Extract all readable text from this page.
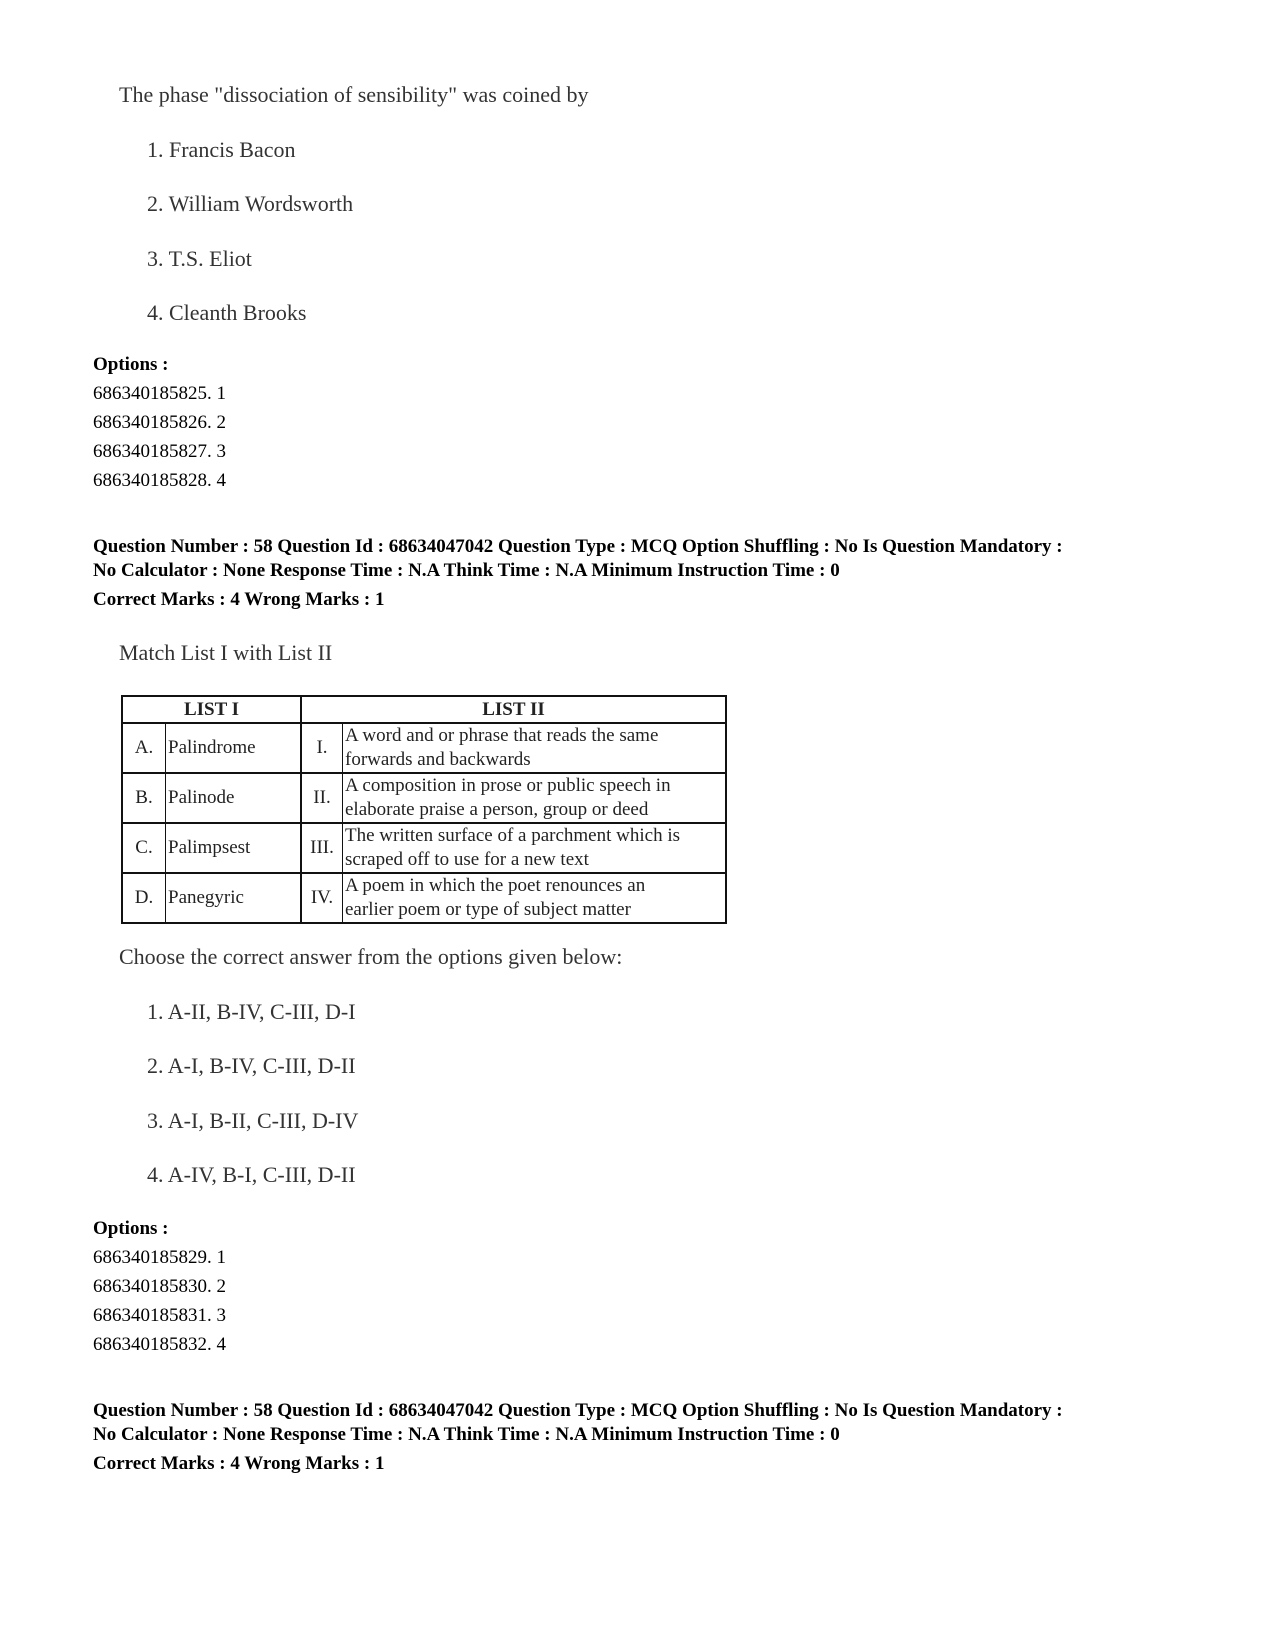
The phase "dissociation of sensibility" was coined by
1. Francis Bacon
2. William Wordsworth
3. T.S. Eliot
4. Cleanth Brooks
Options :
686340185825. 1
686340185826. 2
686340185827. 3
686340185828. 4
Question Number : 58 Question Id : 68634047042 Question Type : MCQ Option Shuffling : No Is Question Mandatory :
No Calculator : None Response Time : N.A Think Time : N.A Minimum Instruction Time : 0
Correct Marks : 4 Wrong Marks : 1
Match List I with List II
LIST I		LIST II	
A.	Palindrome	I.	A word and or phrase that reads the same
forwards and backwards

B.	Palinode	II.	A composition in prose or public speech in
elaborate praise a person, group or deed

C.	Palimpsest	III.	The written surface of a parchment which is
scraped off to use for a new text

D.	Panegyric	IV.	A poem in which the poet renounces an
earlier poem or type of subject matter
Choose the correct answer from the options given below:
1. A-II, B-IV, C-III, D-I
2. A-I, B-IV, C-III, D-II
3. A-I, B-II, C-III, D-IV
4. A-IV, B-I, C-III, D-II
Options :
686340185829. 1
686340185830. 2
686340185831. 3
686340185832. 4
Question Number : 58 Question Id : 68634047042 Question Type : MCQ Option Shuffling : No Is Question Mandatory :
No Calculator : None Response Time : N.A Think Time : N.A Minimum Instruction Time : 0
Correct Marks : 4 Wrong Marks : 1
